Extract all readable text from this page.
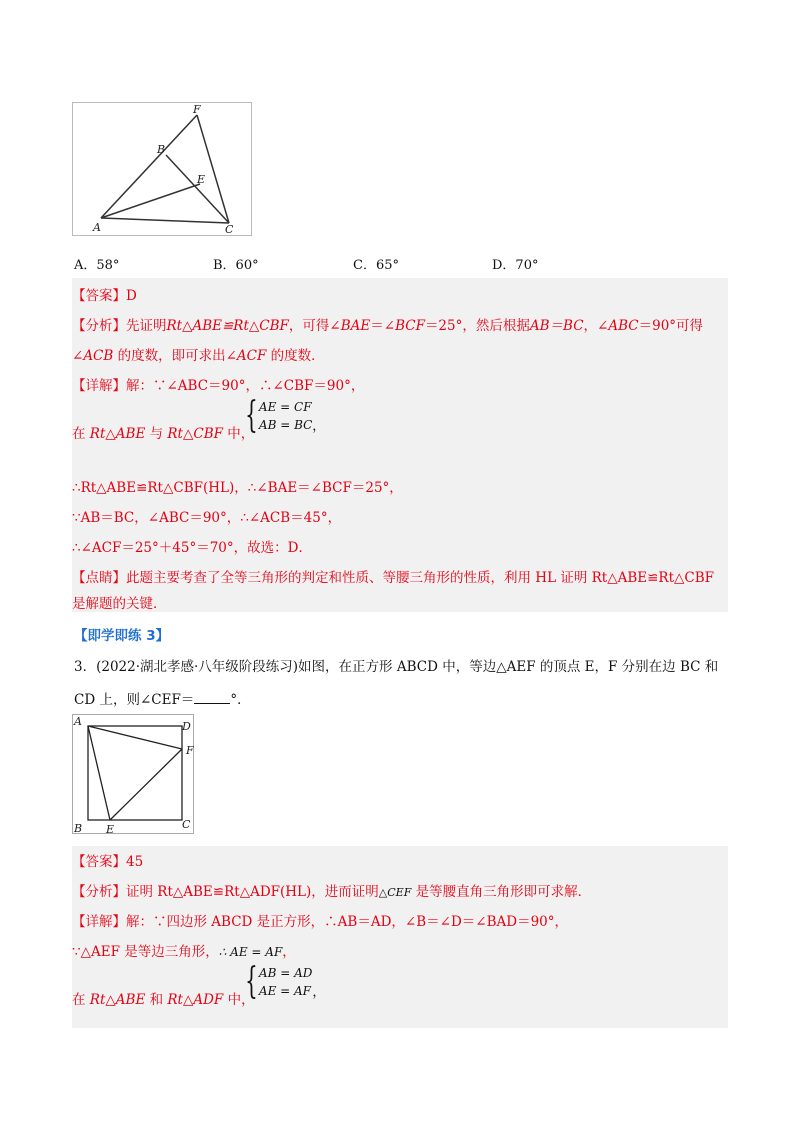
F
B
E
A	C
A．58°	B．60°	C．65°	D．70°
【答案】D
【分析】先证明Rt△ABE≌Rt△CBF，可得∠BAE＝∠BCF＝25°，然后根据AB＝BC，∠ABC＝90°可得
∠ACB 的度数，即可求出∠ACF 的度数．
【详解】解：∵∠ABC＝90°，∴∠CBF＝90°，
在 Rt△ABE 与 Rt△CBF 中，
{ AE = CF
AB = BC ，
∴Rt△ABE≌Rt△CBF(HL)，∴∠BAE＝∠BCF＝25°，
∵AB＝BC，∠ABC＝90°，∴∠ACB＝45°，
∴∠ACF＝25°＋45°＝70°，故选：D．
【点睛】此题主要考查了全等三角形的判定和性质、等腰三角形的性质，利用 HL 证明 Rt△ABE≌Rt△CBF
是解题的关键．
【即学即练 3】
3．(2022·湖北孝感·八年级阶段练习)如图，在正方形 ABCD 中，等边△AEF 的顶点 E，F 分别在边 BC 和
CD 上，则∠CEF＝	°．
A	D
F
B E	C
【答案】45
【分析】证明 Rt△ABE≌Rt△ADF(HL)，进而证明△CEF 是等腰直角三角形即可求解．
【详解】解：∵四边形 ABCD 是正方形，∴AB＝AD，∠B＝∠D＝∠BAD＝90°，
∵△AEF 是等边三角形，∴ AE = AF，
在 Rt△ABE 和 Rt△ADF 中，
{ AB = AD
AE = AF ，
